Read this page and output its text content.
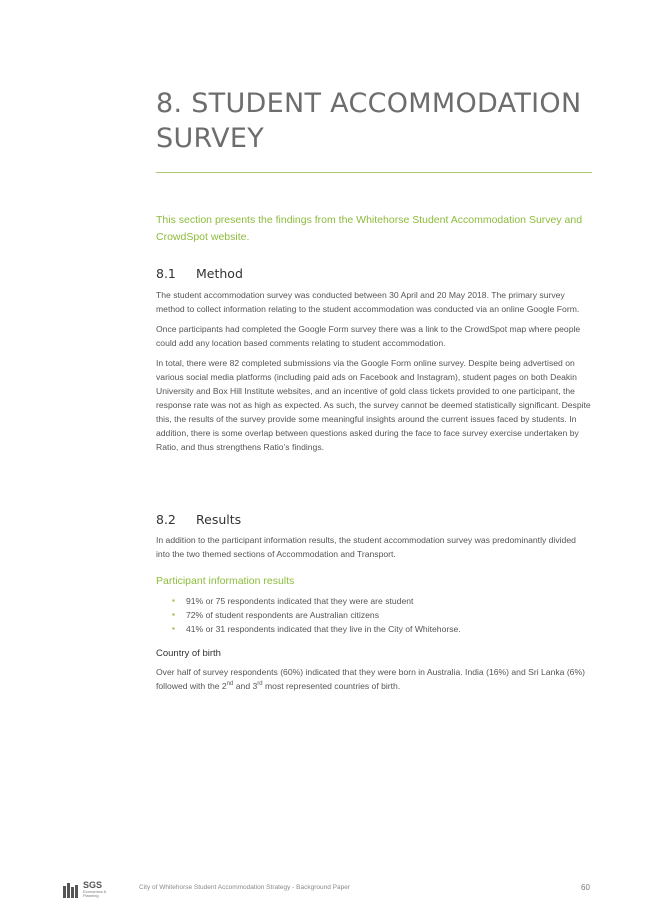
8. STUDENT ACCOMMODATION SURVEY
This section presents the findings from the Whitehorse Student Accommodation Survey and CrowdSpot website.
8.1 Method

The student accommodation survey was conducted between 30 April and 20 May 2018. The primary survey method to collect information relating to the student accommodation was conducted via an online Google Form.

Once participants had completed the Google Form survey there was a link to the CrowdSpot map where people could add any location based comments relating to student accommodation.

In total, there were 82 completed submissions via the Google Form online survey. Despite being advertised on various social media platforms (including paid ads on Facebook and Instagram), student pages on both Deakin University and Box Hill Institute websites, and an incentive of gold class tickets provided to one participant, the response rate was not as high as expected. As such, the survey cannot be deemed statistically significant. Despite this, the results of the survey provide some meaningful insights around the current issues faced by students. In addition, there is some overlap between questions asked during the face to face survey exercise undertaken by Ratio, and thus strengthens Ratio’s findings.

8.2 Results

In addition to the participant information results, the student accommodation survey was predominantly divided into the two themed sections of Accommodation and Transport.

Participant information results
▪ 91% or 75 respondents indicated that they were are student
▪ 72% of student respondents are Australian citizens
▪ 41% or 31 respondents indicated that they live in the City of Whitehorse.
Country of birth

Over half of survey respondents (60%) indicated that they were born in Australia. India (16%) and Sri Lanka (6%) followed with the 2nd and 3rd most represented countries of birth.

SGS
Economics & Planning
City of Whitehorse Student Accommodation Strategy - Background Paper	60
